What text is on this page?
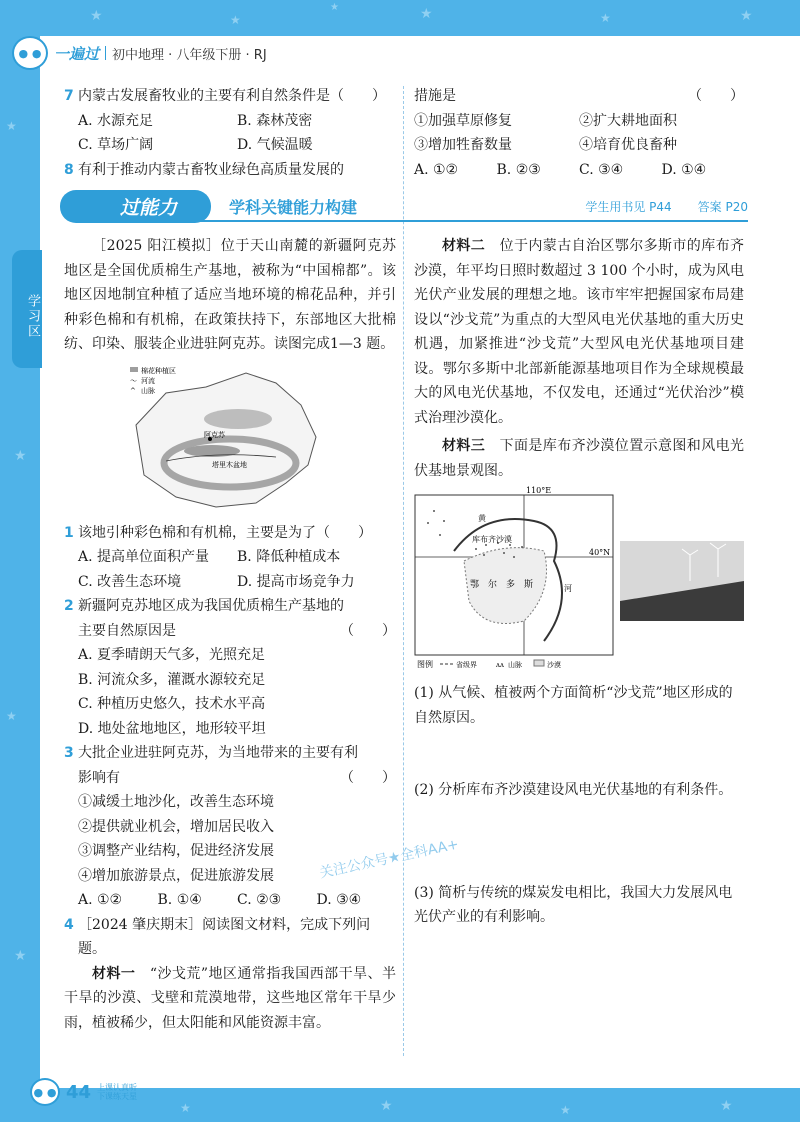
★	★	★	★	★
★
★
★
★
★	★	★	★
★
学习区
● ● 一遍过 初中地理 · 八年级下册 · RJ
7 内蒙古发展畜牧业的主要有利自然条件是（　　）
A. 水源充足	B. 森林茂密
C. 草场广阔	D. 气候温暖
8 有利于推动内蒙古畜牧业绿色高质量发展的
措施是	（　　）
①加强草原修复	②扩大耕地面积
③增加牲畜数量	④培育优良畜种
A. ①②	B. ②③	C. ③④	D. ①④
过能力	学科关键能力构建	学生用书见 P44 答案 P20

［2025 阳江模拟］位于天山南麓的新疆阿克苏地区是全国优质棉生产基地，被称为“中国棉都”。该地区因地制宜种植了适应当地环境的棉花品种，并引种彩色棉和有机棉，在政策扶持下，东部地区大批棉纺、印染、服装企业进驻阿克苏。读图完成1—3 题。

棉花种植区
～ 河流
^ 山脉
阿克苏
塔里木盆地
1 该地引种彩色棉和有机棉，主要是为了（　　）
A. 提高单位面积产量	B. 降低种植成本
C. 改善生态环境	D. 提高市场竞争力
2 新疆阿克苏地区成为我国优质棉生产基地的
主要自然原因是	（　　）
A. 夏季晴朗天气多，光照充足
B. 河流众多，灌溉水源较充足
C. 种植历史悠久，技术水平高
D. 地处盆地地区，地形较平坦
3 大批企业进驻阿克苏，为当地带来的主要有利
影响有	（　　）
①减缓土地沙化，改善生态环境
②提供就业机会，增加居民收入
③调整产业结构，促进经济发展
④增加旅游景点，促进旅游发展
A. ①②	B. ①④	C. ②③	D. ③④
4 ［2024 肇庆期末］阅读图文材料，完成下列问题。

材料一　 “沙戈荒”地区通常指我国西部干旱、半干旱的沙漠、戈壁和荒漠地带，这些地区常年干旱少雨，植被稀少，但太阳能和风能资源丰富。

材料二　 位于内蒙古自治区鄂尔多斯市的库布齐沙漠，年平均日照时数超过 3 100 个小时，成为风电光伏产业发展的理想之地。该市牢牢把握国家布局建设以“沙戈荒”为重点的大型风电光伏基地的重大历史机遇，加紧推进“沙戈荒”大型风电光伏基地项目建设。鄂尔多斯中北部新能源基地项目作为全球规模最大的风电光伏基地，不仅发电，还通过“光伏治沙”模式治理沙漠化。

材料三　 下面是库布齐沙漠位置示意图和风电光伏基地景观图。

110°E
40°N
库布齐沙漠
鄂　尔　多　斯
黄
河
图例	省级界	ʌʌ 山脉	沙漠
(1) 从气候、植被两个方面简析“沙戈荒”地区形成的自然原因。
(2) 分析库布齐沙漠建设风电光伏基地的有利条件。
(3) 简析与传统的煤炭发电相比，我国大力发展风电光伏产业的有利影响。
关注公众号★全科AA+
● ● 44 上课认真听
下课练天星
